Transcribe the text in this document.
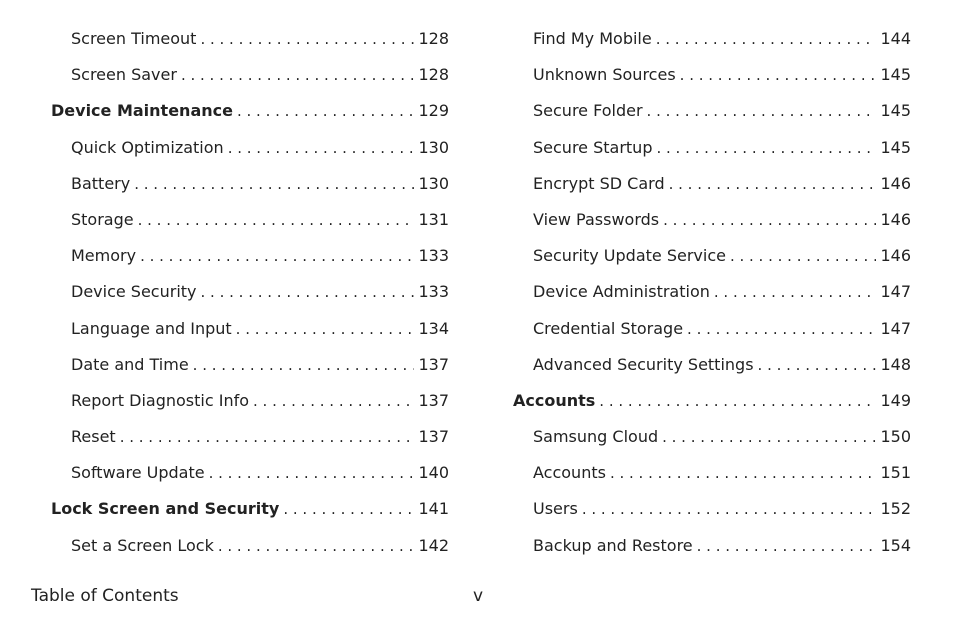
Screen Timeout . . .	128
Screen Saver . . .	128
Device Maintenance . . .	129
Quick Optimization . . .	130
Battery . . .	130
Storage . . .	131
Memory . . .	133
Device Security . . .	133
Language and Input . . .	134
Date and Time . . .	137
Report Diagnostic Info . . .	137
Reset . . .	137
Software Update . . .	140
Lock Screen and Security . . .	141
Set a Screen Lock . . .	142
Find My Mobile . . .	144
Unknown Sources . . .	145
Secure Folder . . .	145
Secure Startup . . .	145
Encrypt SD Card . . .	146
View Passwords . . .	146
Security Update Service . . .	146
Device Administration . . .	147
Credential Storage . . .	147
Advanced Security Settings . . .	148
Accounts . . .	149
Samsung Cloud . . .	150
Accounts . . .	151
Users . . .	152
Backup and Restore . . .	154
Table of Contents	v
